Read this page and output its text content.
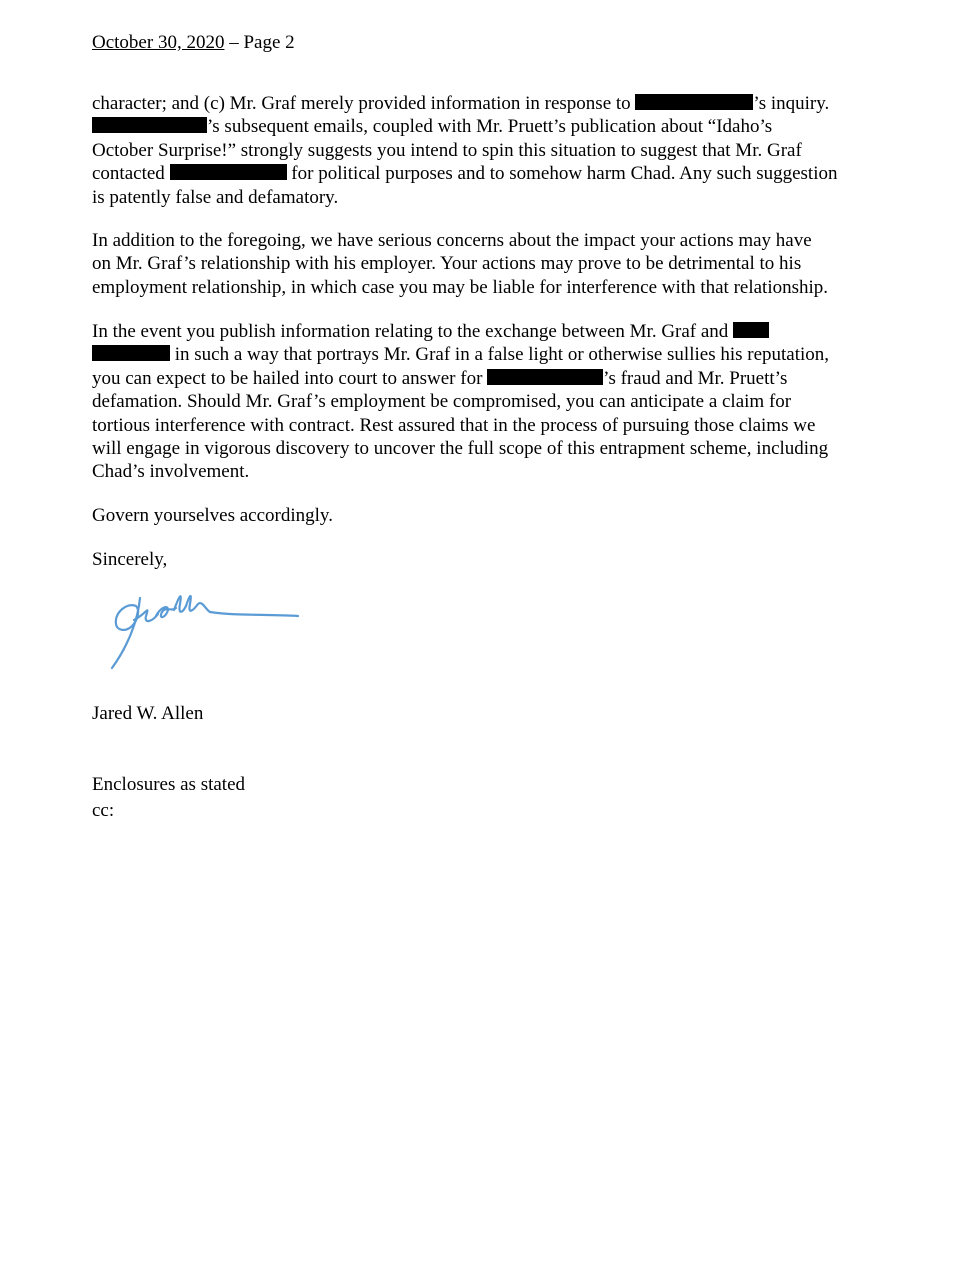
October 30, 2020 – Page 2
character; and (c) Mr. Graf merely provided information in response to	’s inquiry.
’s subsequent emails, coupled with Mr. Pruett’s publication about “Idaho’s
October Surprise!” strongly suggests you intend to spin this situation to suggest that Mr. Graf
contacted	for political purposes and to somehow harm Chad. Any such suggestion
is patently false and defamatory.
In addition to the foregoing, we have serious concerns about the impact your actions may have
on Mr. Graf’s relationship with his employer. Your actions may prove to be detrimental to his
employment relationship, in which case you may be liable for interference with that relationship.
In the event you publish information relating to the exchange between Mr. Graf and
in such a way that portrays Mr. Graf in a false light or otherwise sullies his reputation,
you can expect to be hailed into court to answer for	’s fraud and Mr. Pruett’s
defamation. Should Mr. Graf’s employment be compromised, you can anticipate a claim for
tortious interference with contract. Rest assured that in the process of pursuing those claims we
will engage in vigorous discovery to uncover the full scope of this entrapment scheme, including
Chad’s involvement.
Govern yourselves accordingly.
Sincerely,
Jared W. Allen
Enclosures as stated
cc:
